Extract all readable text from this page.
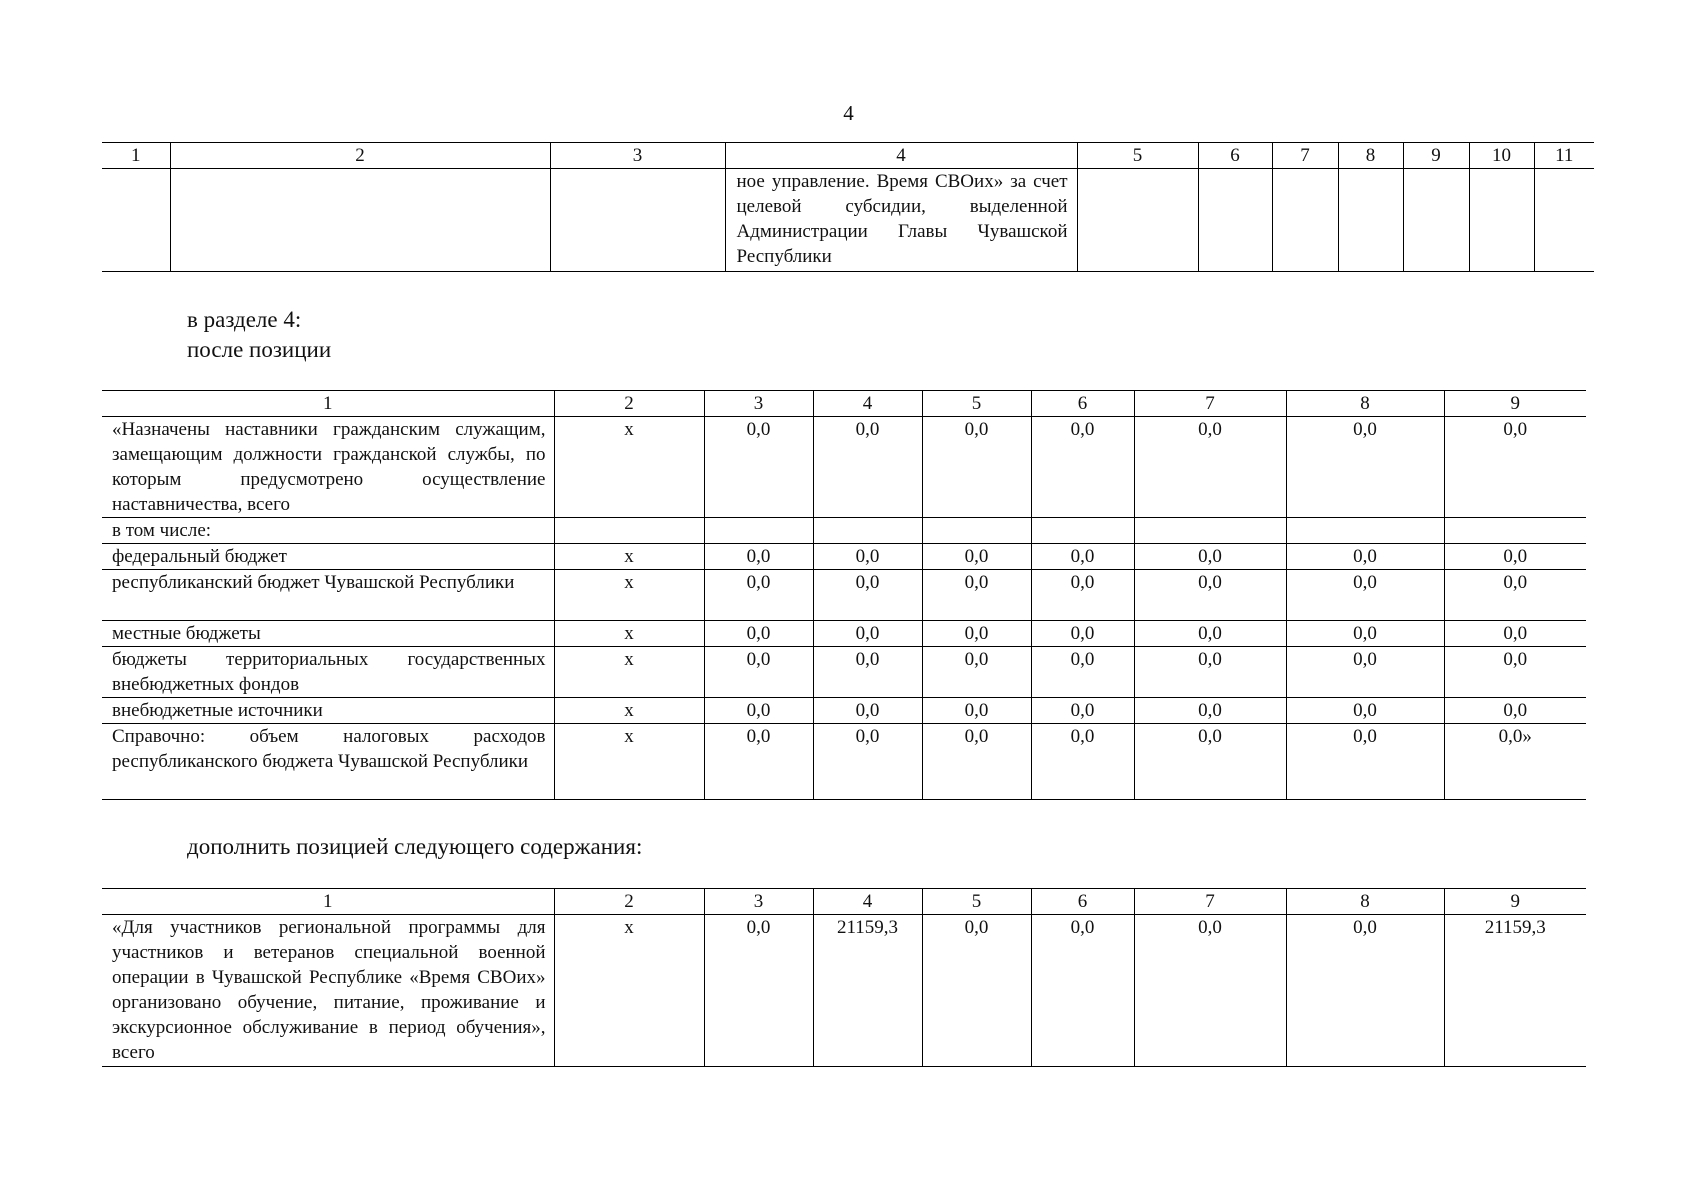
4
1	2	3	4	5	6	7	8	9	10	11
			ное управление. Время СВОих» за счет целевой субсидии, выделенной Администрации Главы Чувашской Республики							

в разделе 4:

после позиции

1	2	3	4	5	6	7	8	9
«Назначены наставники гражданским служащим, замещающим должности гражданской службы, по которым предусмотрено осуществление наставничества, всего	x	0,0	0,0	0,0	0,0	0,0	0,0	0,0
в том числе:								
федеральный бюджет	x	0,0	0,0	0,0	0,0	0,0	0,0	0,0
республиканский бюджет Чувашской Республики	x	0,0	0,0	0,0	0,0	0,0	0,0	0,0
местные бюджеты	x	0,0	0,0	0,0	0,0	0,0	0,0	0,0
бюджеты территориальных государственных внебюджетных фондов	x	0,0	0,0	0,0	0,0	0,0	0,0	0,0
внебюджетные источники	x	0,0	0,0	0,0	0,0	0,0	0,0	0,0
Справочно: объем налоговых расходов республиканского бюджета Чувашской Республики	x	0,0	0,0	0,0	0,0	0,0	0,0	0,0»

дополнить позицией следующего содержания:

1	2	3	4	5	6	7	8	9
«Для участников региональной программы для участников и ветеранов специальной военной операции в Чувашской Республике «Время СВОих» организовано обучение, питание, проживание и экскурсионное обслуживание в период обучения», всего	x	0,0	21159,3	0,0	0,0	0,0	0,0	21159,3
